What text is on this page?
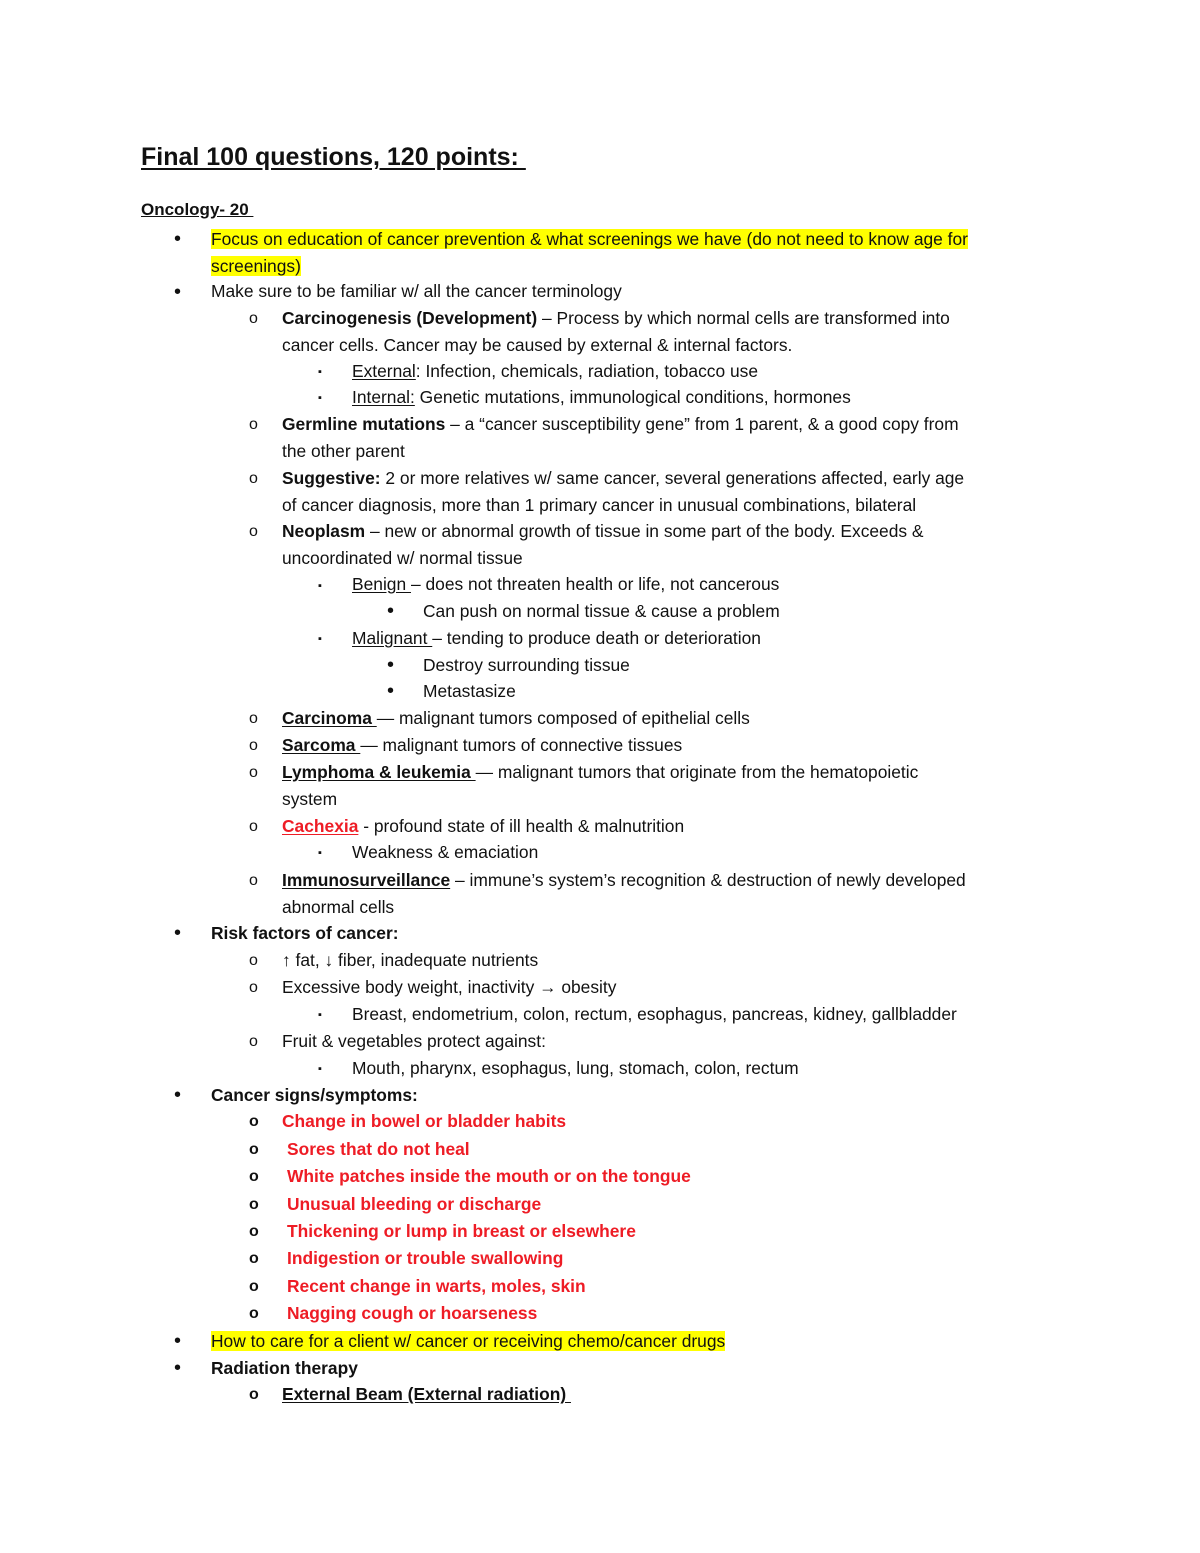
Final 100 questions, 120 points:
Oncology- 20
• Focus on education of cancer prevention & what screenings we have (do not need to know age for
screenings)
• Make sure to be familiar w/ all the cancer terminology
o Carcinogenesis (Development) – Process by which normal cells are transformed into
cancer cells. Cancer may be caused by external & internal factors.
▪ External: Infection, chemicals, radiation, tobacco use
▪ Internal: Genetic mutations, immunological conditions, hormones
o Germline mutations – a “cancer susceptibility gene” from 1 parent, & a good copy from
the other parent
o Suggestive: 2 or more relatives w/ same cancer, several generations affected, early age
of cancer diagnosis, more than 1 primary cancer in unusual combinations, bilateral
o Neoplasm – new or abnormal growth of tissue in some part of the body. Exceeds &
uncoordinated w/ normal tissue
▪ Benign – does not threaten health or life, not cancerous
• Can push on normal tissue & cause a problem
▪ Malignant – tending to produce death or deterioration
• Destroy surrounding tissue
• Metastasize
o Carcinoma — malignant tumors composed of epithelial cells
o Sarcoma — malignant tumors of connective tissues
o Lymphoma & leukemia — malignant tumors that originate from the hematopoietic
system
o Cachexia - profound state of ill health & malnutrition
▪ Weakness & emaciation
o Immunosurveillance – immune’s system’s recognition & destruction of newly developed
abnormal cells
• Risk factors of cancer:
o ↑ fat, ↓ fiber, inadequate nutrients
o Excessive body weight, inactivity → obesity
▪ Breast, endometrium, colon, rectum, esophagus, pancreas, kidney, gallbladder
o Fruit & vegetables protect against:
▪ Mouth, pharynx, esophagus, lung, stomach, colon, rectum
• Cancer signs/symptoms:
o Change in bowel or bladder habits
o Sores that do not heal
o White patches inside the mouth or on the tongue
o Unusual bleeding or discharge
o Thickening or lump in breast or elsewhere
o Indigestion or trouble swallowing
o Recent change in warts, moles, skin
o Nagging cough or hoarseness
• How to care for a client w/ cancer or receiving chemo/cancer drugs
• Radiation therapy
o External Beam (External radiation)
